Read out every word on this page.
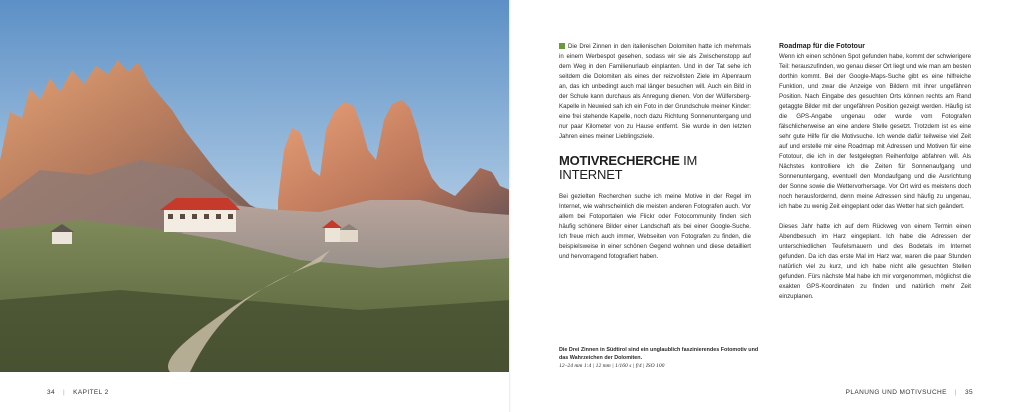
Die Drei Zinnen in den italienischen Dolomiten hatte ich mehrmals in einem Werbespot gesehen, sodass wir sie als Zwischenstopp auf dem Weg in den Familienurlaub einplanten. Und in der Tat sehe ich seitdem die Dolomiten als eines der reizvollsten Ziele im Alpenraum an, das ich unbedingt auch mal länger besuchen will. Auch ein Bild in der Schule kann durchaus als Anregung dienen. Von der Wülfersberg-Kapelle in Neuwied sah ich ein Foto in der Grundschule meiner Kinder: eine frei stehende Kapelle, noch dazu Richtung Sonnenuntergang und nur paar Kilometer von zu Hause entfernt. Sie wurde in den letzten Jahren eines meiner Lieblingsziele.

MOTIVRECHERCHE IM INTERNET

Bei gezielten Recherchen suche ich meine Motive in der Regel im Internet, wie wahrscheinlich die meisten anderen Fotografen auch. Vor allem bei Fotoportalen wie Flickr oder Fotocommunity finden sich häufig schönere Bilder einer Landschaft als bei einer Google-Suche. Ich freue mich auch immer, Webseiten von Fotografen zu finden, die beispielsweise in einer schönen Gegend wohnen und diese detailliert und hervorragend fotografiert haben.

Roadmap für die Fototour

Wenn ich einen schönen Spot gefunden habe, kommt der schwierigere Teil: herauszufinden, wo genau dieser Ort liegt und wie man am besten dorthin kommt. Bei der Google-Maps-Suche gibt es eine hilfreiche Funktion, und zwar die Anzeige von Bildern mit ihrer ungefähren Position. Nach Eingabe des gesuchten Orts können rechts am Rand getaggte Bilder mit der ungefähren Position gezeigt werden. Häufig ist die GPS-Angabe ungenau oder wurde vom Fotografen fälschlicherweise an eine andere Stelle gesetzt. Trotzdem ist es eine sehr gute Hilfe für die Motivsuche. Ich wende dafür teilweise viel Zeit auf und erstelle mir eine Roadmap mit Adressen und Motiven für eine Fototour, die ich in der festgelegten Reihenfolge abfahren will. Als Nächstes kontrolliere ich die Zeiten für Sonnenaufgang und Sonnenuntergang, eventuell den Mondaufgang und die Ausrichtung der Sonne sowie die Wettervorhersage. Vor Ort wird es meistens doch noch herausfordernd, denn meine Adressen sind häufig zu ungenau, ich habe zu wenig Zeit eingeplant oder das Wetter hat sich geändert.

Dieses Jahr hatte ich auf dem Rückweg von einem Termin einen Abendbesuch im Harz eingeplant. Ich habe die Adressen der unterschiedlichen Teufelsmauern und des Bodetals im Internet gefunden. Da ich das erste Mal im Harz war, waren die paar Stunden natürlich viel zu kurz, und ich habe nicht alle gesuchten Stellen gefunden. Fürs nächste Mal habe ich mir vorgenommen, möglichst die exakten GPS-Koordinaten zu finden und natürlich mehr Zeit einzuplanen.

Die Drei Zinnen in Südtirol sind ein unglaublich faszinierendes Fotomotiv und das Wahrzeichen der Dolomiten.
12–24 mm 1:4 | 12 mm | 1/160 s | f/4 | ISO 100
34 | KAPITEL 2	PLANUNG UND MOTIVSUCHE | 35
